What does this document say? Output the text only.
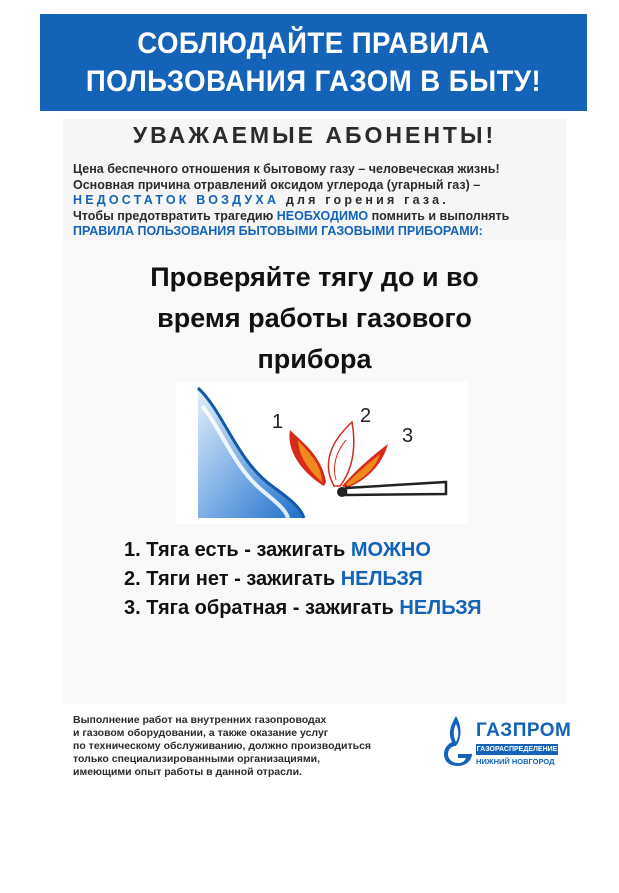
СОБЛЮДАЙТЕ ПРАВИЛА
ПОЛЬЗОВАНИЯ ГАЗОМ В БЫТУ!
УВАЖАЕМЫЕ АБОНЕНТЫ!
Цена беспечного отношения к бытовому газу – человеческая жизнь!
Основная причина отравлений оксидом углерода (угарный газ) –
НЕДОСТАТОК ВОЗДУХА для горения газа.
Чтобы предотвратить трагедию НЕОБХОДИМО помнить и выполнять
ПРАВИЛА ПОЛЬЗОВАНИЯ БЫТОВЫМИ ГАЗОВЫМИ ПРИБОРАМИ:
Проверяйте тягу до и во
время работы газового
прибора
1	2
3
1. Тяга есть - зажигать МОЖНО
2. Тяги нет - зажигать НЕЛЬЗЯ
3. Тяга обратная - зажигать НЕЛЬЗЯ
Выполнение работ на внутренних газопроводах
и газовом оборудовании, а также оказание услуг
по техническому обслуживанию, должно производиться
только специализированными организациями,
имеющими опыт работы в данной отрасли.
ГАЗПРОМ
ГАЗОРАСПРЕДЕЛЕНИЕ
НИЖНИЙ НОВГОРОД
